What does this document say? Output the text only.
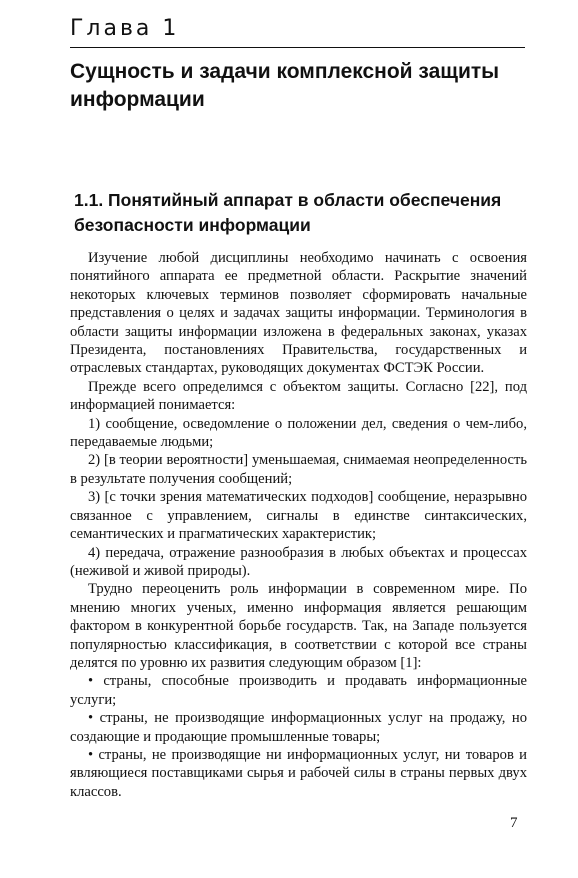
Глава 1
Сущность и задачи комплексной защиты информации
1.1. Понятийный аппарат в области обеспечения безопасности информации

Изучение любой дисциплины необходимо начинать с освоения понятийного аппарата ее предметной области. Раскрытие значений некоторых ключевых терминов позволяет сформировать начальные представления о целях и задачах защиты информации. Терминология в области защиты информации изложена в федеральных законах, указах Президента, постановлениях Правительства, государственных и отраслевых стандартах, руководящих документах ФСТЭК России.

Прежде всего определимся с объектом защиты. Согласно [22], под информацией понимается:

1) сообщение, осведомление о положении дел, сведения о чем-либо, передаваемые людьми;

2) [в теории вероятности] уменьшаемая, снимаемая неопределенность в результате получения сообщений;

3) [с точки зрения математических подходов] сообщение, неразрывно связанное с управлением, сигналы в единстве синтаксических, семантических и прагматических характеристик;

4) передача, отражение разнообразия в любых объектах и процессах (неживой и живой природы).

Трудно переоценить роль информации в современном мире. По мнению многих ученых, именно информация является решающим фактором в конкурентной борьбе государств. Так, на Западе пользуется популярностью классификация, в соответствии с которой все страны делятся по уровню их развития следующим образом [1]:

• страны, способные производить и продавать информационные услуги;

• страны, не производящие информационных услуг на продажу, но создающие и продающие промышленные товары;

• страны, не производящие ни информационных услуг, ни товаров и являющиеся поставщиками сырья и рабочей силы в страны первых двух классов.

7
